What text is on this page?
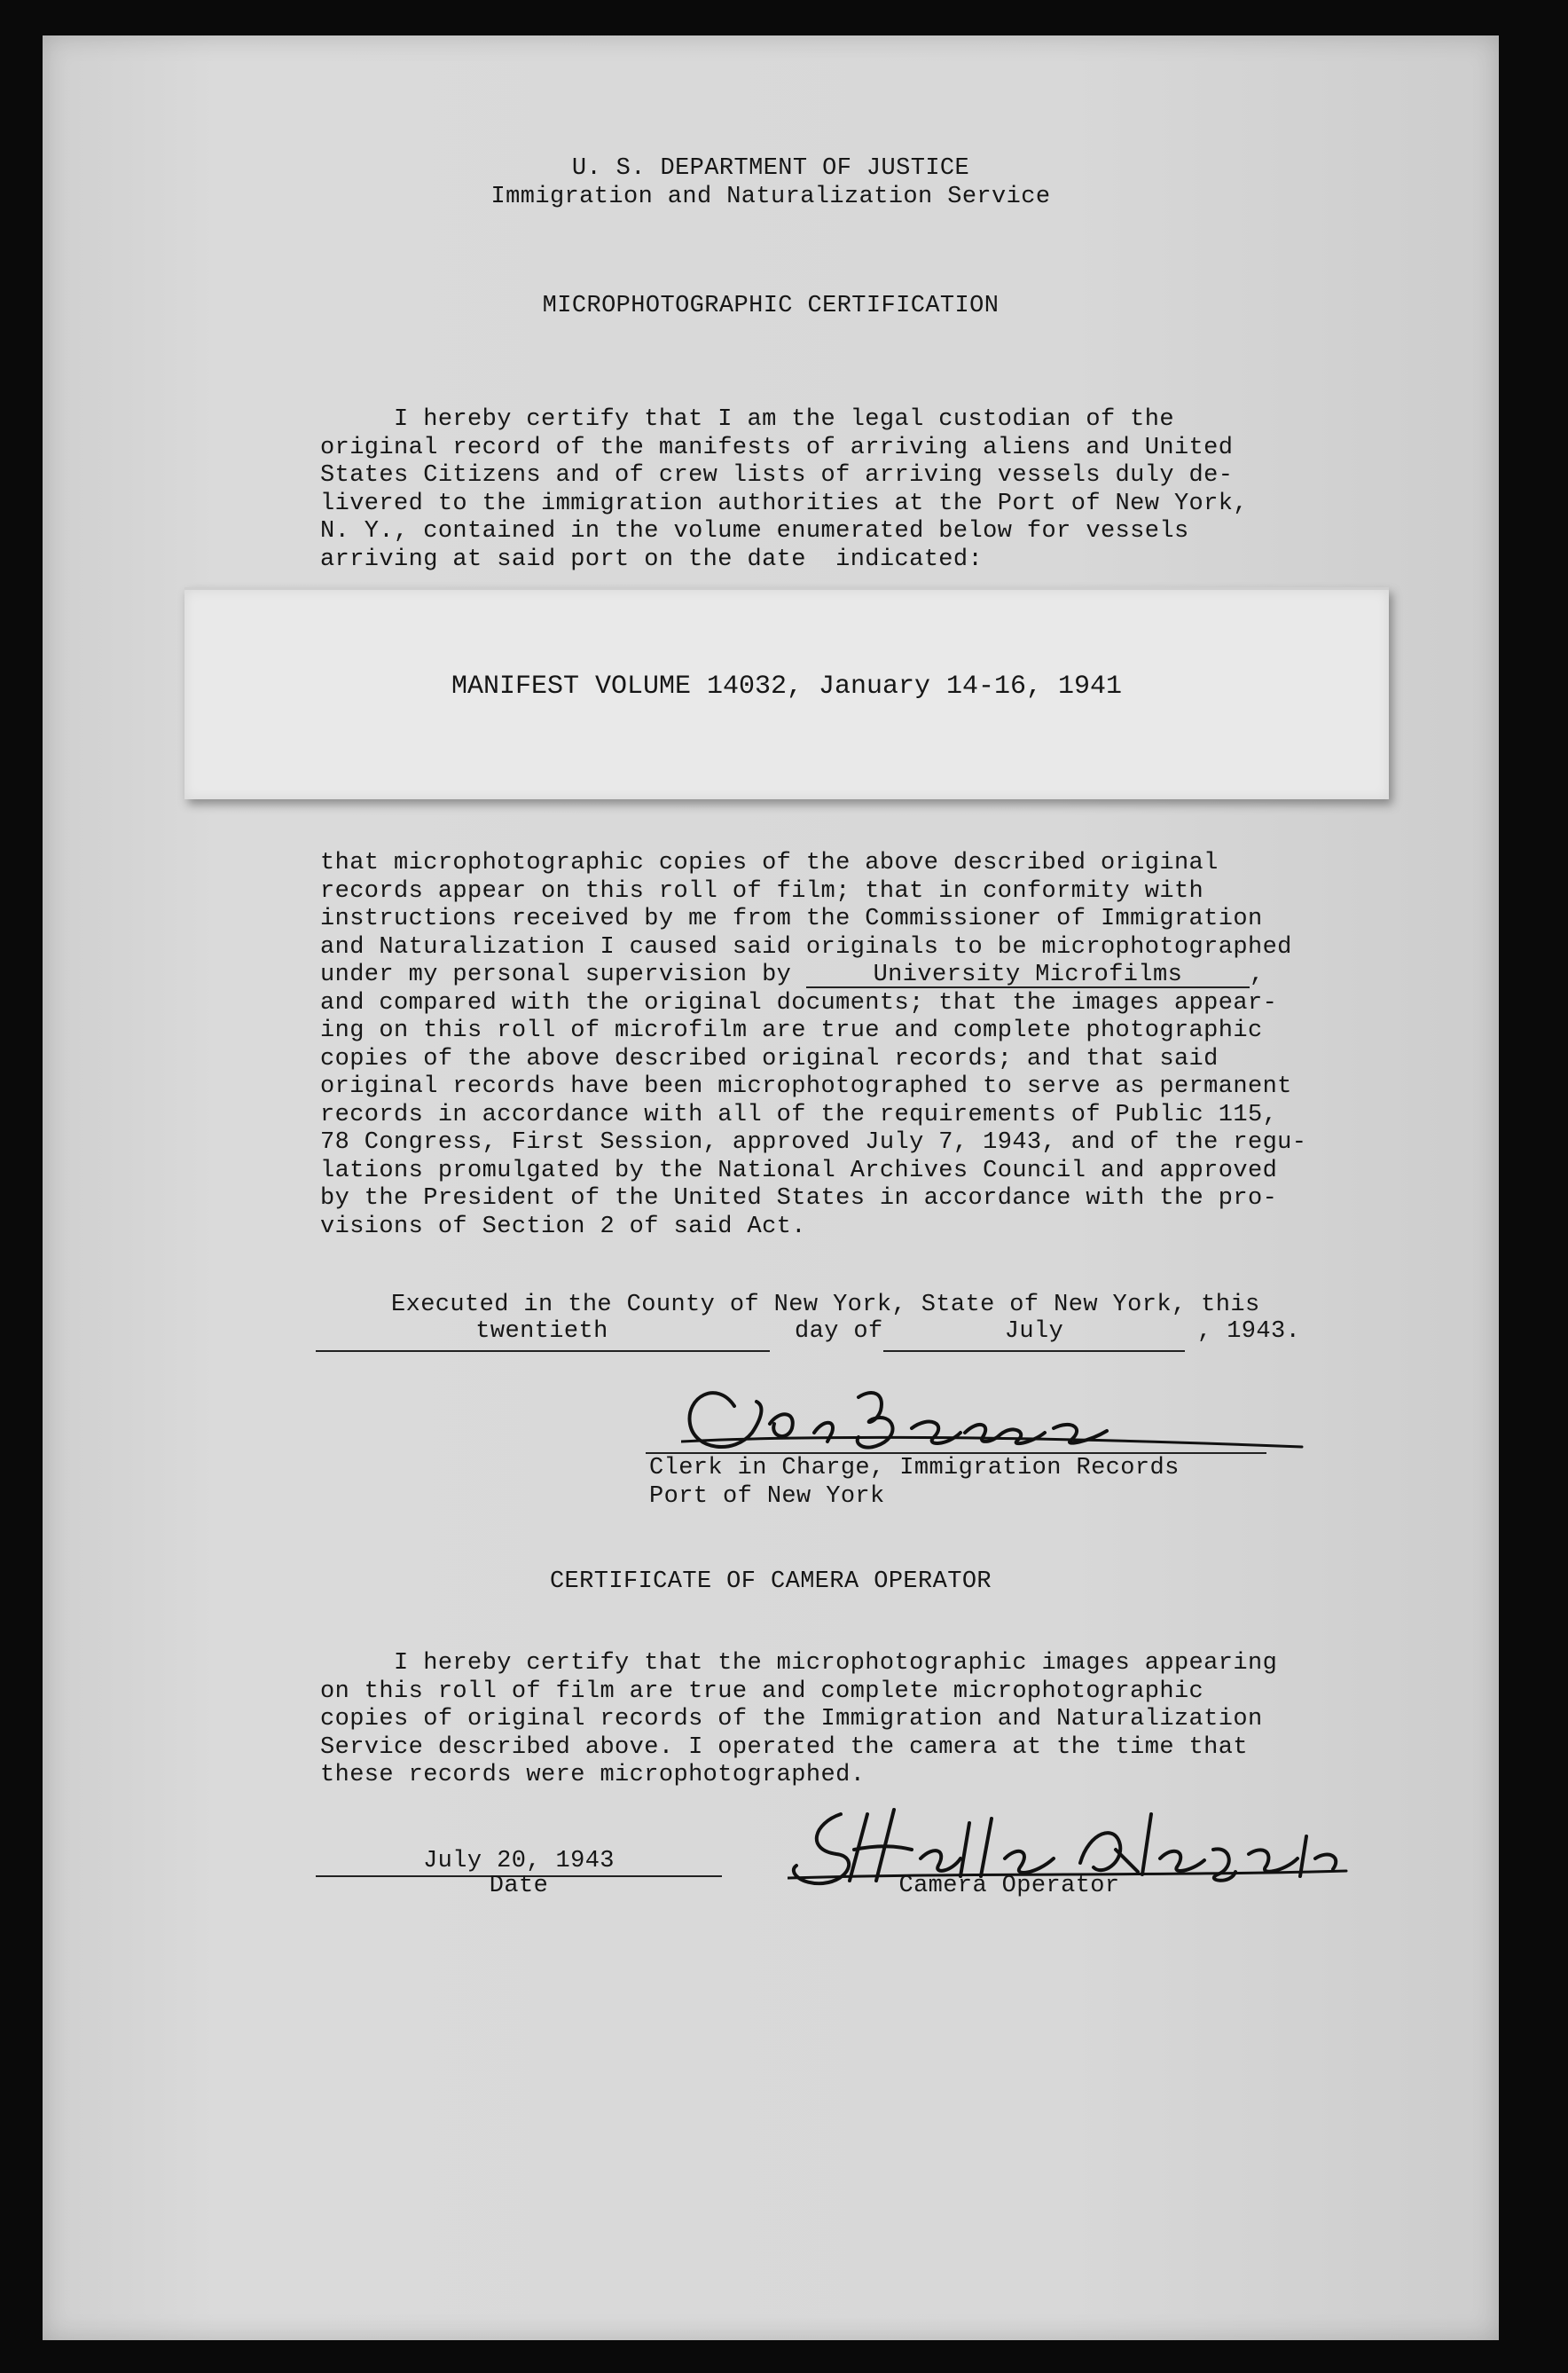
U. S. DEPARTMENT OF JUSTICE
Immigration and Naturalization Service
MICROPHOTOGRAPHIC CERTIFICATION
I hereby certify that I am the legal custodian of the
original record of the manifests of arriving aliens and United
States Citizens and of crew lists of arriving vessels duly de-
livered to the immigration authorities at the Port of New York,
N. Y., contained in the volume enumerated below for vessels
arriving at said port on the date  indicated:
MANIFEST VOLUME 14032, January 14-16, 1941
that microphotographic copies of the above described original
records appear on this roll of film; that in conformity with
instructions received by me from the Commissioner of Immigration
and Naturalization I caused said originals to be microphotographed
under my personal supervision by	University Microfilms	,
and compared with the original documents; that the images appear-
ing on this roll of microfilm are true and complete photographic
copies of the above described original records; and that said
original records have been microphotographed to serve as permanent
records in accordance with all of the requirements of Public 115,
78 Congress, First Session, approved July 7, 1943, and of the regu-
lations promulgated by the National Archives Council and approved
by the President of the United States in accordance with the pro-
visions of Section 2 of said Act.
Executed in the County of New York, State of New York, this
twentieth	day of	July	, 1943.
Clerk in Charge, Immigration Records
Port of New York
CERTIFICATE OF CAMERA OPERATOR
I hereby certify that the microphotographic images appearing
on this roll of film are true and complete microphotographic
copies of original records of the Immigration and Naturalization
Service described above. I operated the camera at the time that
these records were microphotographed.
July 20, 1943
Date	Camera Operator
